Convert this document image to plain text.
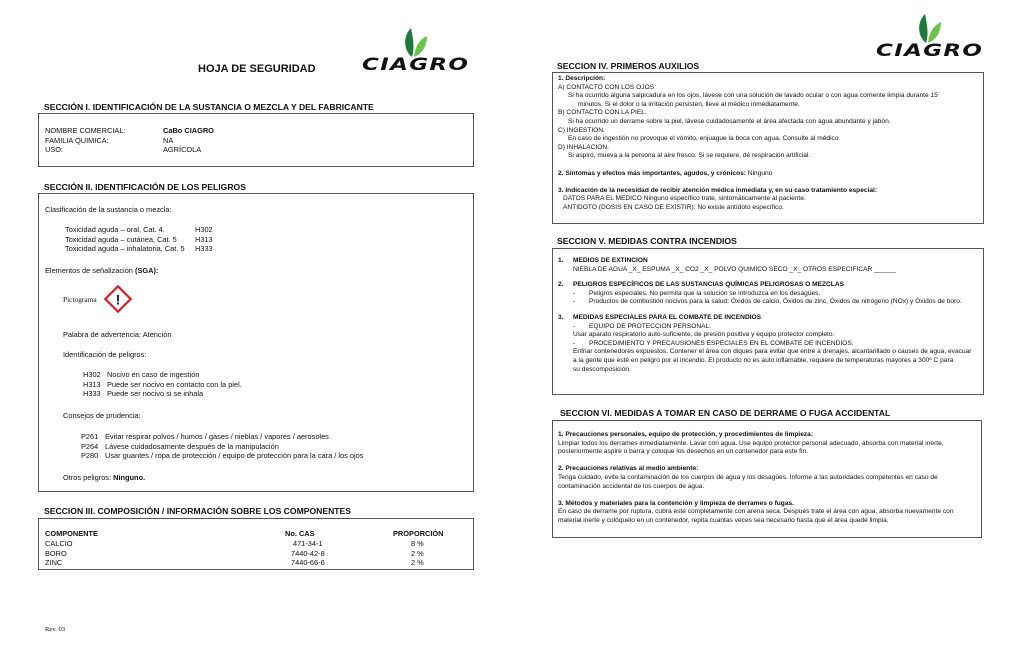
CIAGRO
HOJA DE SEGURIDAD
SECCIÓN I. IDENTIFICACIÓN DE LA SUSTANCIA O MEZCLA Y DEL FABRICANTE
NOMBRE COMERCIAL:	CaBo CIAGRO
FAMILIA QUIMICA:	NA
USO:	AGRÍCOLA
SECCIÓN II. IDENTIFICACIÓN DE LOS PELIGROS
Clasificación de la sustancia o mezcla:
Toxicidad aguda – oral, Cat. 4.	H302
Toxicidad aguda – cutánea, Cat. 5	H313
Toxicidad aguda – inhalatoria, Cat. 5	H333
Elementos de señalización (SGA):
Pictograma !
Palabra de advertencia: Atención
Identificación de peligros:
H302 Nocivo en caso de ingestión
H313 Puede ser nocivo en contacto con la piel.
H333 Puede ser nocivo si se inhala
Consejos de prudencia:
P261 Evitar respirar polvos / humos / gases / nieblas / vapores / aerosoles
P264 Lávese cuidadosamente después de la manipulación
P280 Usar guantes / ropa de protección / equipo de protección para la cara / los ojos
Otros peligros: Ninguno.
SECCION III. COMPOSICIÓN / INFORMACIÓN SOBRE LOS COMPONENTES
COMPONENTE	No. CAS	PROPORCIÓN
CALCIO	471-34-1	8 %
BORO	7440-42-8	2 %
ZINC	7440-66-6	2 %
Rev. 03
CIAGRO
SECCION IV. PRIMEROS AUXILIOS
1. Descripción:
A) CONTACTO CON LOS OJOS
Si ha ocurrido alguna salpicadura en los ojos, lávese con una solución de lavado ocular o con agua corriente limpia durante 15
minutos. Si el dolor o la irritación persisten, lleve al médico inmediatamente.
B) CONTACTO CON LA PIEL.
Si ha ocurrido un derrame sobre la piel, lávese cuidadosamente el área afectada con agua abundante y jabón.
C) INGESTION.
En caso de ingestión no provoque el vómito, enjuague la boca con agua. Consulte al médico
D) INHALACION.
Si aspiró, mueva a la persona al aire fresco. Si se requiere, dé respiración artificial.
2. Síntomas y efectos más importantes, agudos, y crónicos: Ninguno
3. Indicación de la necesidad de recibir atención médica inmediata y, en su caso tratamiento especial:
DATOS PARA EL MEDICO Ninguno específico trate, sintomáticamente al paciente.
ANTIDOTO (DOSIS EN CASO DE EXISTIR): No existe antídoto específico.
SECCION V. MEDIDAS CONTRA INCENDIOS
1.	MEDIOS DE EXTINCION
NIEBLA DE AGUA _X_ ESPUMA _X_ CO2 _X_ POLVO QUIMICO SECO _X_ OTROS ESPECIFICAR ______
2.	PELIGROS ESPECÍFICOS DE LAS SUSTANCIAS QUÍMICAS PELIGROSAS O MEZCLAS
-	Peligros especiales. No permita que la solución se introduzca en los desagües.
-	Productos de combustión nocivos para la salud: Óxidos de calcio, Óxidos de zinc, Óxidos de nitrógeno (NOx) y Óxidos de boro.
3.	MEDIDAS ESPECIALES PARA EL COMBATE DE INCENDIOS
-	EQUIPO DE PROTECCION PERSONAL.
Usar aparato respiratorio auto-suficiente, de presión positiva y equipo protector completo.
-	PROCEDIMIENTO Y PRECAUSIONES ESPECIALES EN EL COMBATE DE INCENDIOS.
Enfriar contenedores expuestos. Contener el área con diques para evitar que entre a drenajes, alcantarillado o causes de agua, evacuar
a la gente que esté en peligro por el incendio. El producto no es auto inflamable, requiere de temperaturas mayores a 300º C para
su descomposición.
SECCION VI. MEDIDAS A TOMAR EN CASO DE DERRAME O FUGA ACCIDENTAL
1. Precauciones personales, equipo de protección, y procedimientos de limpieza:
Limpiar todos los derrames inmediatamente. Lavar con agua. Use equipo protector personal adecuado, absorba con material inerte,
posteriormente aspire o barra y coloque los desechos en un contenedor para este fin.
2. Precauciones relativas al medio ambiente:
Tenga cuidado, evite la contaminación de los cuerpos de agua y los desagües. Informe a las autoridades competentes en caso de
contaminación accidental de los cuerpos de agua.
3. Métodos y materiales para la contención y limpieza de derrames o fugas.
En caso de derrame por ruptura, cubra este completamente con arena seca. Después trate el área con agua, absorba nuevamente con
material inerte y colóquelo en un contenedor, repita cuantas veces sea necesario hasta que el área quede limpia.
